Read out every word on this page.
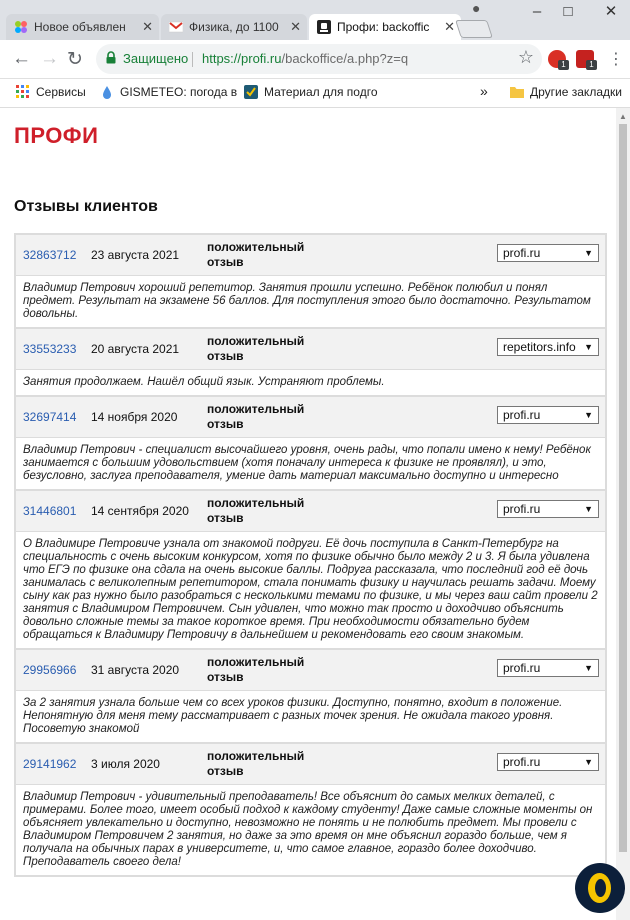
Новое объявлен	✕	Физика, до 1100 ✕	Профи: backoffic	✕
●	–	□	✕
← → ↻	Защищено https://profi.ru/backoffice/a.php?z=q	☆	1	1 ⋮
Сервисы	GISMETEO: погода в	Материал для подго	»	Другие закладки
ПРОФИ
Отзывы клиентов
32863712 23 августа 2021
положительный
отзыв
profi.ru	▼
Владимир Петрович хороший репетитор. Занятия прошли успешно. Ребёнок полюбил и понял предмет. Результат на экзамене 56 баллов. Для поступления этого было достаточно. Результатом довольны.
33553233 20 августа 2021
положительный
отзыв
repetitors.info ▼
Занятия продолжаем. Нашёл общий язык. Устраняют проблемы.
32697414 14 ноября 2020
положительный
отзыв
profi.ru	▼
Владимир Петрович - специалист высочайшего уровня, очень рады, что попали имено к нему! Ребёнок занимается с большим удовольствием (хотя поначалу интереса к физике не проявлял), и это, безусловно, заслуга преподавателя, умение дать материал максимально доступно и интересно
31446801 14 сентября 2020
положительный
отзыв
profi.ru	▼
О Владимире Петровиче узнала от знакомой подруги. Её дочь поступила в Санкт-Петербург на специальность с очень высоким конкурсом, хотя по физике обычно было между 2 и 3. Я была удивлена что ЕГЭ по физике она сдала на очень высокие баллы. Подруга рассказала, что последний год её дочь занималась с великолепным репетитором, стала понимать физику и научилась решать задачи. Моему сыну как раз нужно было разобраться с несколькими темами по физике, и мы через ваш сайт провели 2 занятия с Владимиром Петровичем. Сын удивлен, что можно так просто и доходчиво объяснить довольно сложные темы за такое короткое время. При необходимости обязательно будем обращаться к Владимиру Петровичу в дальнейшем и рекомендовать его своим знакомым.
29956966 31 августа 2020
положительный
отзыв
profi.ru	▼
За 2 занятия узнала больше чем со всех уроков физики. Доступно, понятно, входит в положение. Непонятную для меня тему рассматривает с разных точек зрения. Не ожидала такого уровня. Посоветую знакомой
29141962 3 июля 2020
положительный
отзыв
profi.ru	▼
Владимир Петрович - удивительный преподаватель! Все объяснит до самых мелких деталей, с примерами. Более того, имеет особый подход к каждому студенту! Даже самые сложные моменты он объясняет увлекательно и доступно, невозможно не понять и не полюбить предмет. Мы провели с Владимиром Петровичем 2 занятия, но даже за это время он мне объяснил гораздо больше, чем я получала на обычных парах в университете, и, что самое главное, гораздо более доходчиво. Преподаватель своего дела!
▲
